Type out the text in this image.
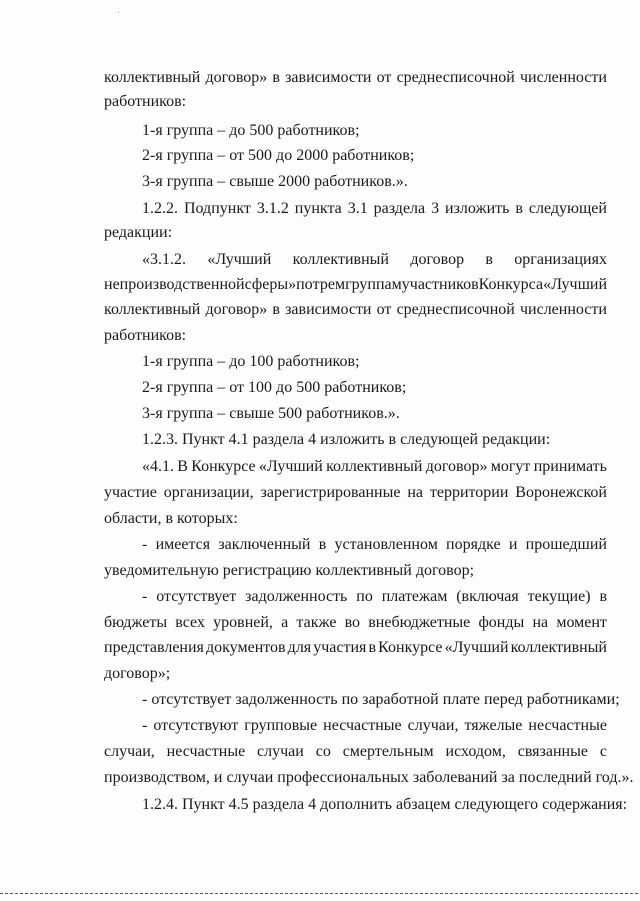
коллективный договор» в зависимости от среднесписочной численности
работников:
1-я группа – до 500 работников;
2-я группа – от 500 до 2000 работников;
3-я группа – свыше 2000 работников.».
1.2.2. Подпункт 3.1.2 пункта 3.1 раздела 3 изложить в следующей
редакции:
«3.1.2. «Лучший коллективный договор в организациях
непроизводственной сферы» по трем группам участников Конкурса «Лучший
коллективный договор» в зависимости от среднесписочной численности
работников:
1-я группа – до 100 работников;
2-я группа – от 100 до 500 работников;
3-я группа – свыше 500 работников.».
1.2.3. Пункт 4.1 раздела 4 изложить в следующей редакции:
«4.1. В Конкурсе «Лучший коллективный договор» могут принимать
участие организации, зарегистрированные на территории Воронежской
области, в которых:
- имеется заключенный в установленном порядке и прошедший
уведомительную регистрацию коллективный договор;
- отсутствует задолженность по платежам (включая текущие) в
бюджеты всех уровней, а также во внебюджетные фонды на момент
представления документов для участия в Конкурсе «Лучший коллективный
договор»;
- отсутствует задолженность по заработной плате перед работниками;
- отсутствуют групповые несчастные случаи, тяжелые несчастные
случаи, несчастные случаи со смертельным исходом, связанные с
производством, и случаи профессиональных заболеваний за последний год.».
1.2.4. Пункт 4.5 раздела 4 дополнить абзацем следующего содержания:
